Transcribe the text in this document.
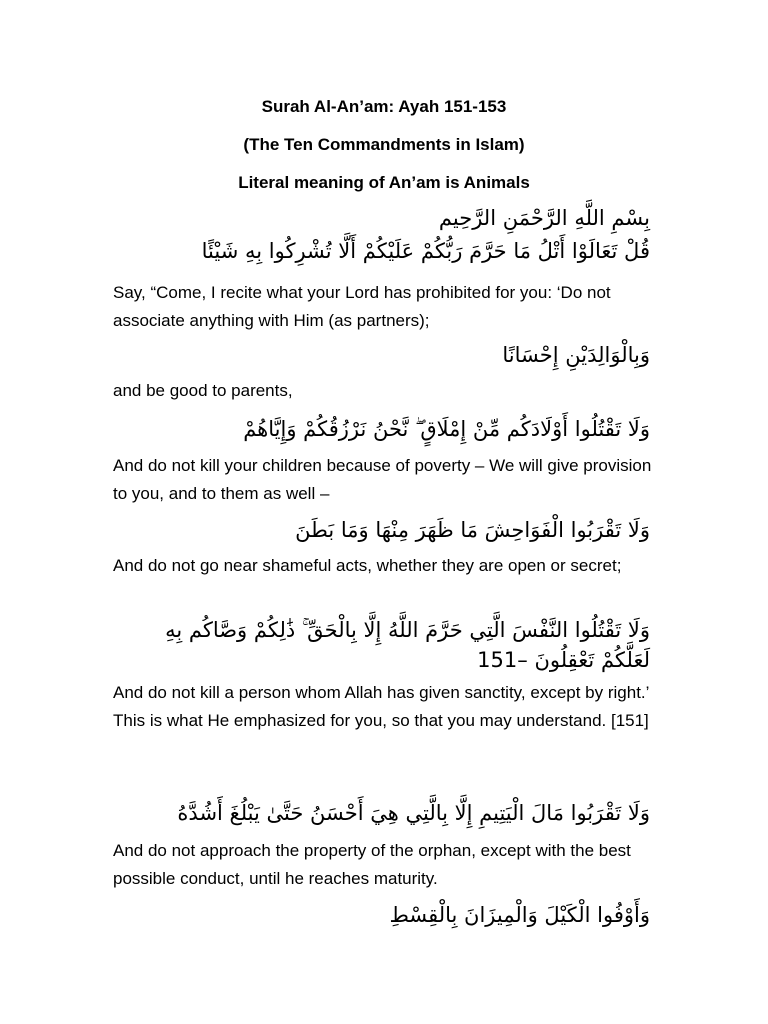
Surah Al-An’am: Ayah 151-153
(The Ten Commandments in Islam)
Literal meaning of An’am is Animals
بِسْمِ اللَّهِ الرَّحْمَنِ الرَّحِيم
قُلْ تَعَالَوْا أَتْلُ مَا حَرَّمَ رَبُّكُمْ عَلَيْكُمْ أَلَّا تُشْرِكُوا بِهِ شَيْئًا
Say, “Come, I recite what your Lord has prohibited for you: ‘Do not associate anything with Him (as partners);
وَبِالْوَالِدَيْنِ إِحْسَانًا
and be good to parents,
وَلَا تَقْتُلُوا أَوْلَادَكُم مِّنْ إِمْلَاقٍ ۖ نَّحْنُ نَرْزُقُكُمْ وَإِيَّاهُمْ
And do not kill your children because of poverty – We will give provision to you, and to them as well –
وَلَا تَقْرَبُوا الْفَوَاحِشَ مَا ظَهَرَ مِنْهَا وَمَا بَطَنَ
And do not go near shameful acts, whether they are open or secret;
وَلَا تَقْتُلُوا النَّفْسَ الَّتِي حَرَّمَ اللَّهُ إِلَّا بِالْحَقِّ ۚ ذَٰلِكُمْ وَصَّاكُم بِهِ لَعَلَّكُمْ تَعْقِلُونَ –151
And do not kill a person whom Allah has given sanctity, except by right.’ This is what He emphasized for you, so that you may understand. [151]
وَلَا تَقْرَبُوا مَالَ الْيَتِيمِ إِلَّا بِالَّتِي هِيَ أَحْسَنُ حَتَّىٰ يَبْلُغَ أَشُدَّهُ
And do not approach the property of the orphan, except with the best possible conduct, until he reaches maturity.
وَأَوْفُوا الْكَيْلَ وَالْمِيزَانَ بِالْقِسْطِ
